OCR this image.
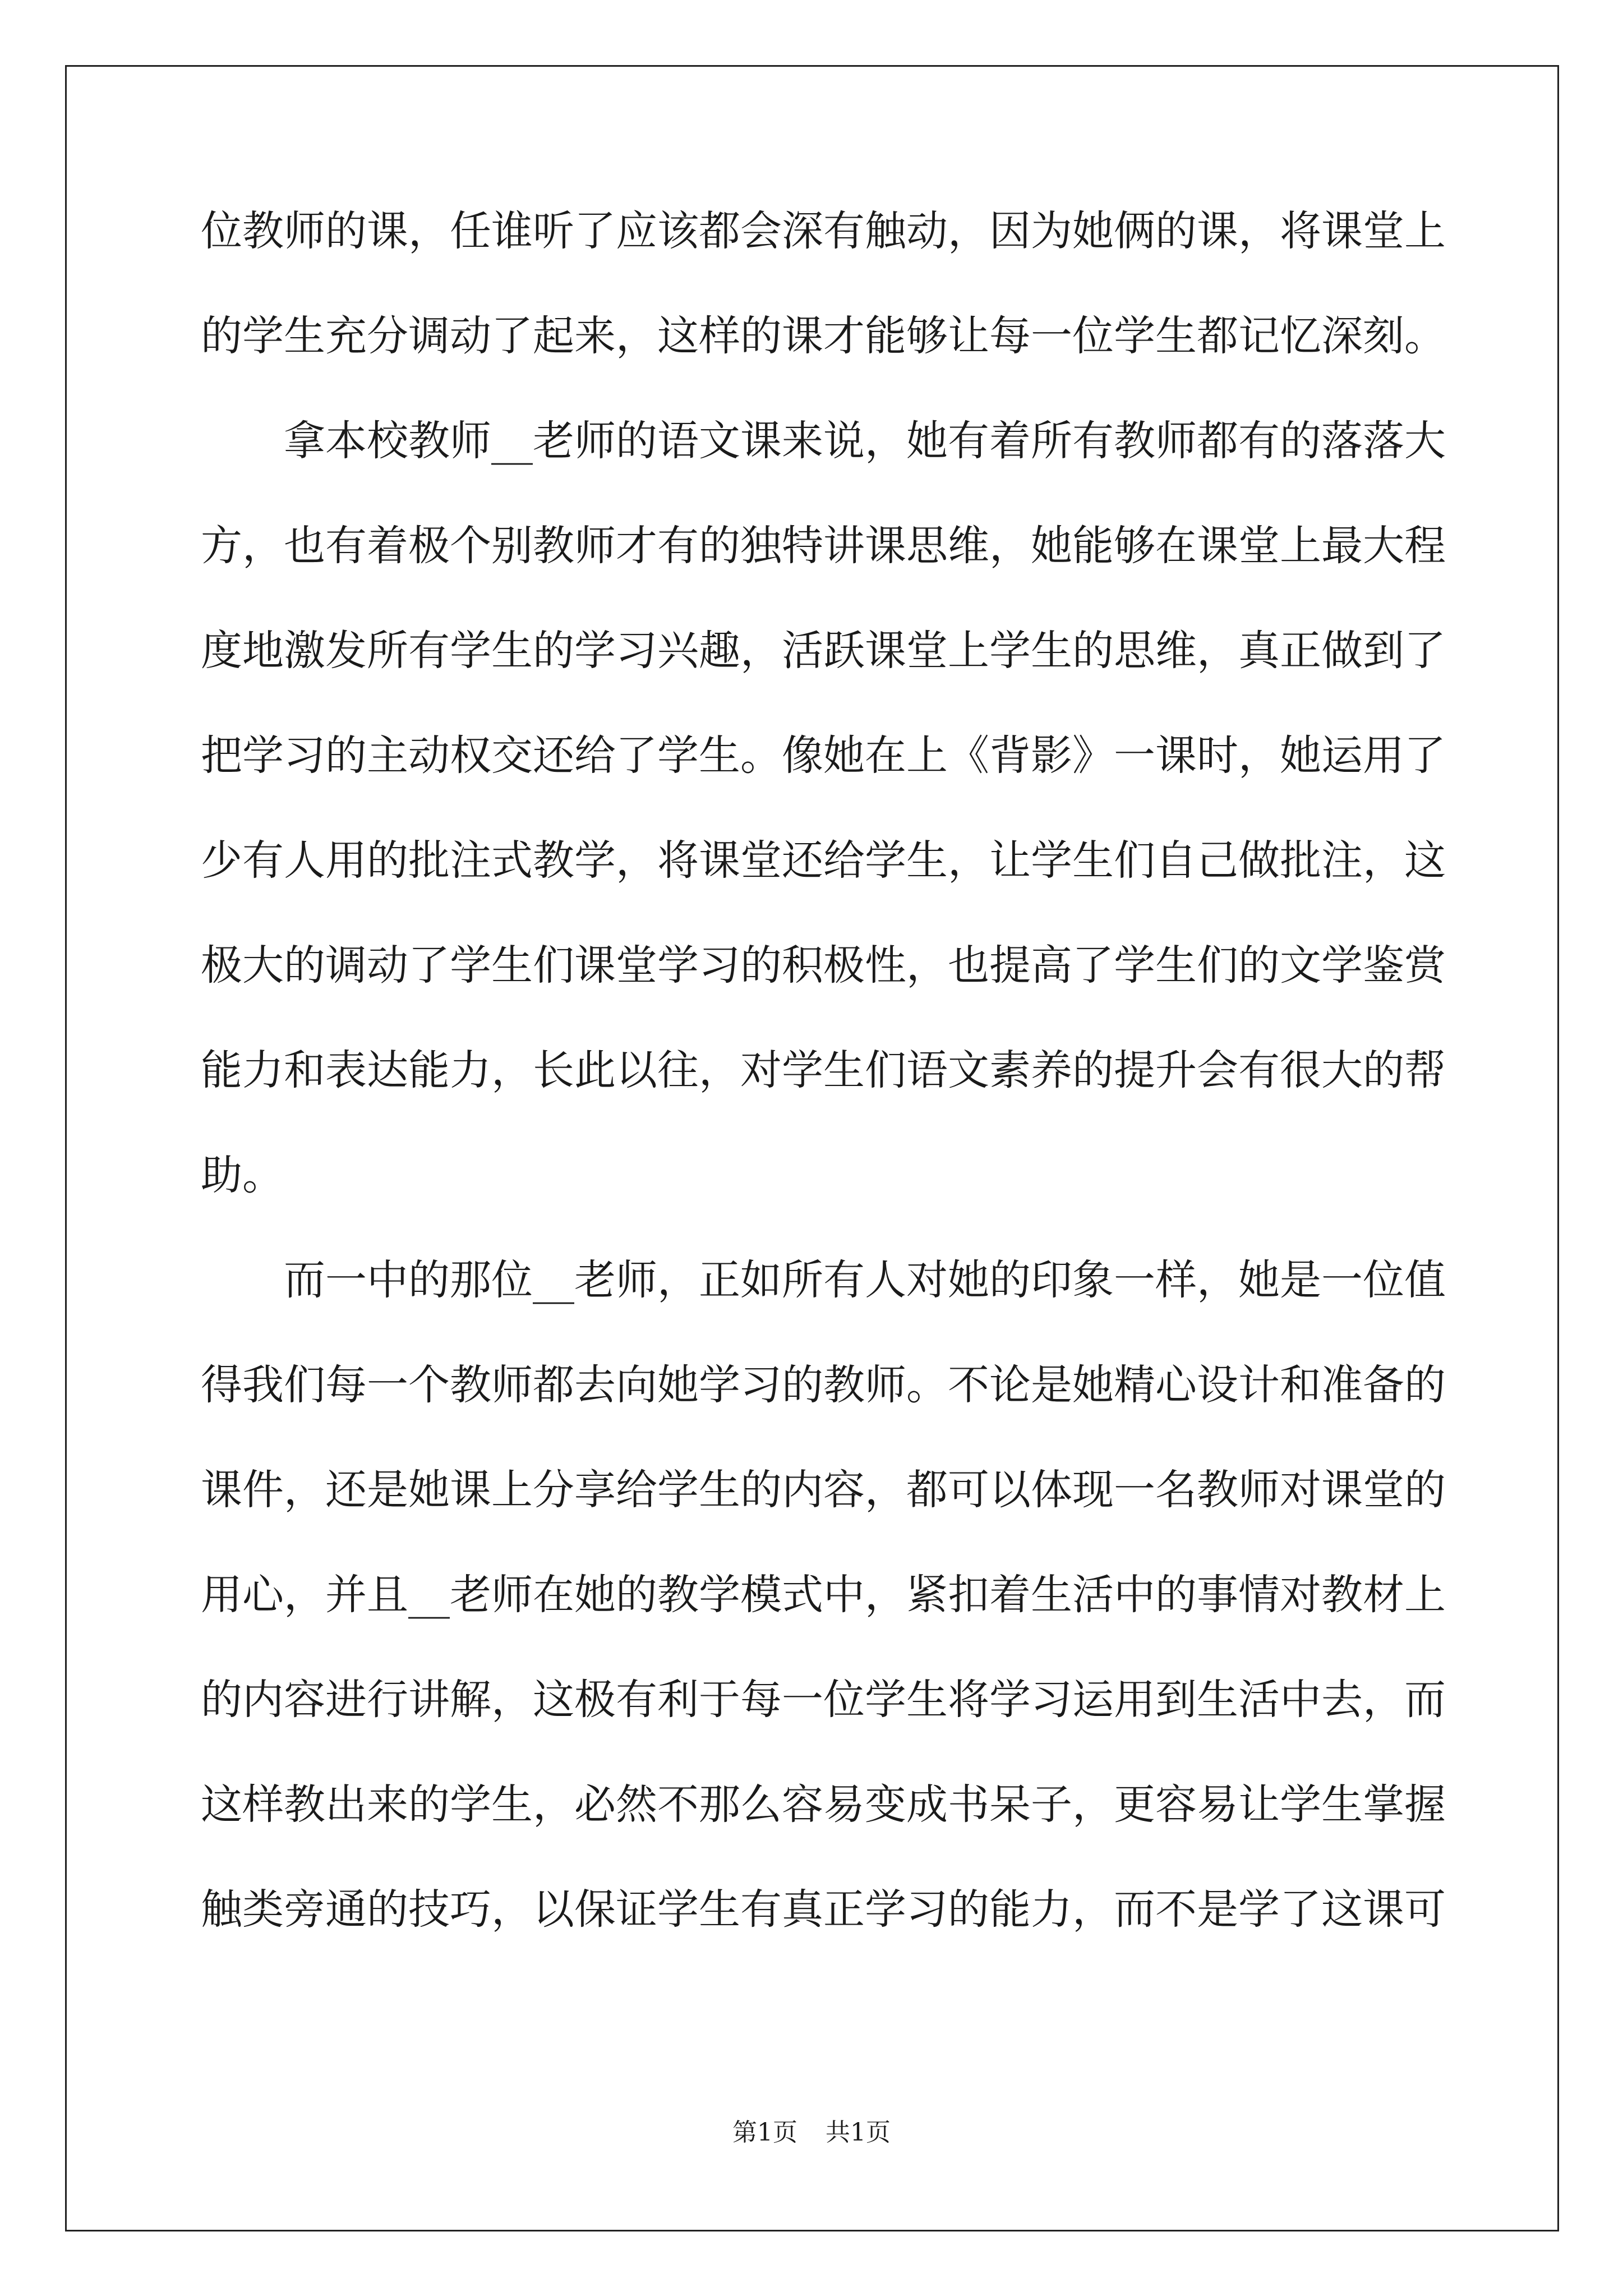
位教师的课，任谁听了应该都会深有触动，因为她俩的课，将课堂上
的学生充分调动了起来，这样的课才能够让每一位学生都记忆深刻。
拿本校教师__老师的语文课来说，她有着所有教师都有的落落大
方，也有着极个别教师才有的独特讲课思维，她能够在课堂上最大程
度地激发所有学生的学习兴趣，活跃课堂上学生的思维，真正做到了
把学习的主动权交还给了学生。像她在上《背影》一课时，她运用了
少有人用的批注式教学，将课堂还给学生，让学生们自己做批注，这
极大的调动了学生们课堂学习的积极性，也提高了学生们的文学鉴赏
能力和表达能力，长此以往，对学生们语文素养的提升会有很大的帮
助。
而一中的那位__老师，正如所有人对她的印象一样，她是一位值
得我们每一个教师都去向她学习的教师。不论是她精心设计和准备的
课件，还是她课上分享给学生的内容，都可以体现一名教师对课堂的
用心，并且__老师在她的教学模式中，紧扣着生活中的事情对教材上
的内容进行讲解，这极有利于每一位学生将学习运用到生活中去，而
这样教出来的学生，必然不那么容易变成书呆子，更容易让学生掌握
触类旁通的技巧，以保证学生有真正学习的能力，而不是学了这课可
第1页 共1页
